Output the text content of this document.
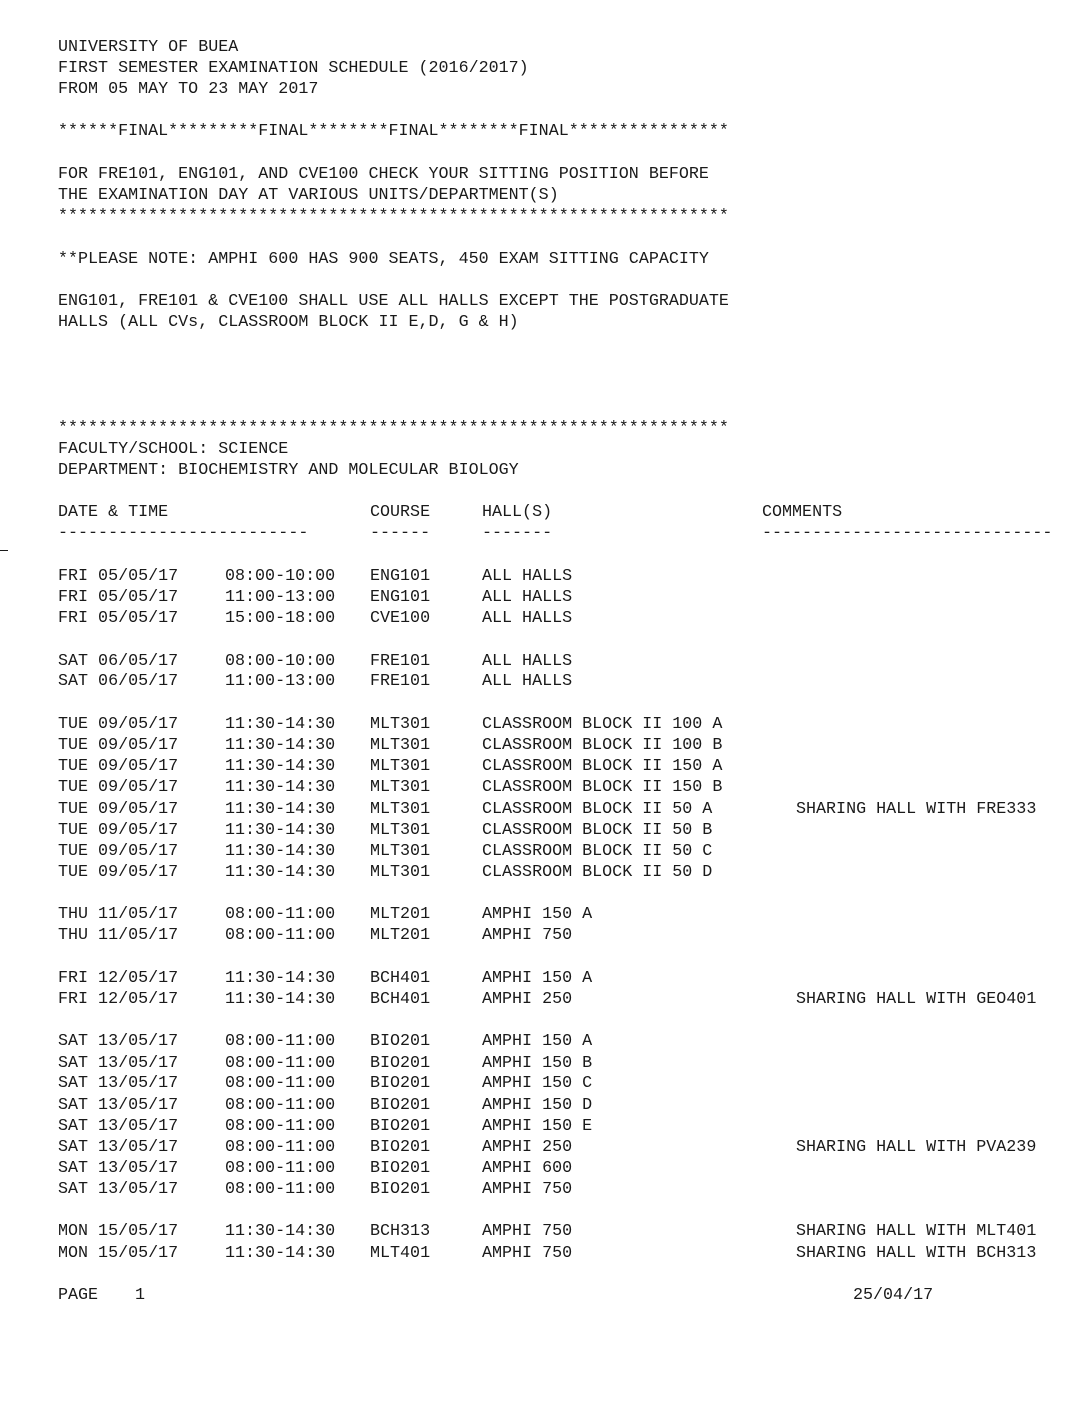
UNIVERSITY OF BUEA
FIRST SEMESTER EXAMINATION SCHEDULE (2016/2017)
FROM 05 MAY TO 23 MAY 2017
******FINAL*********FINAL********FINAL********FINAL****************
FOR FRE101, ENG101, AND CVE100 CHECK YOUR SITTING POSITION BEFORE
THE EXAMINATION DAY AT VARIOUS UNITS/DEPARTMENT(S)
*******************************************************************
**PLEASE NOTE: AMPHI 600 HAS 900 SEATS, 450 EXAM SITTING CAPACITY
ENG101, FRE101 & CVE100 SHALL USE ALL HALLS EXCEPT THE POSTGRADUATE
HALLS (ALL CVs, CLASSROOM BLOCK II E,D, G & H)
*******************************************************************
FACULTY/SCHOOL: SCIENCE
DEPARTMENT: BIOCHEMISTRY AND MOLECULAR BIOLOGY
DATE & TIME	COURSE	HALL(S)	COMMENTS
-------------------------	------	-------	-----------------------------
FRI 05/05/17	08:00-10:00 ENG101	ALL HALLS
FRI 05/05/17	11:00-13:00 ENG101	ALL HALLS
FRI 05/05/17	15:00-18:00 CVE100	ALL HALLS
SAT 06/05/17	08:00-10:00 FRE101	ALL HALLS
SAT 06/05/17	11:00-13:00 FRE101	ALL HALLS
TUE 09/05/17	11:30-14:30 MLT301	CLASSROOM BLOCK II 100 A
TUE 09/05/17	11:30-14:30 MLT301	CLASSROOM BLOCK II 100 B
TUE 09/05/17	11:30-14:30 MLT301	CLASSROOM BLOCK II 150 A
TUE 09/05/17	11:30-14:30 MLT301	CLASSROOM BLOCK II 150 B
TUE 09/05/17	11:30-14:30 MLT301	CLASSROOM BLOCK II 50 A	SHARING HALL WITH FRE333
TUE 09/05/17	11:30-14:30 MLT301	CLASSROOM BLOCK II 50 B
TUE 09/05/17	11:30-14:30 MLT301	CLASSROOM BLOCK II 50 C
TUE 09/05/17	11:30-14:30 MLT301	CLASSROOM BLOCK II 50 D
THU 11/05/17	08:00-11:00 MLT201	AMPHI 150 A
THU 11/05/17	08:00-11:00 MLT201	AMPHI 750
FRI 12/05/17	11:30-14:30 BCH401	AMPHI 150 A
FRI 12/05/17	11:30-14:30 BCH401	AMPHI 250	SHARING HALL WITH GEO401
SAT 13/05/17	08:00-11:00 BIO201	AMPHI 150 A
SAT 13/05/17	08:00-11:00 BIO201	AMPHI 150 B
SAT 13/05/17	08:00-11:00 BIO201	AMPHI 150 C
SAT 13/05/17	08:00-11:00 BIO201	AMPHI 150 D
SAT 13/05/17	08:00-11:00 BIO201	AMPHI 150 E
SAT 13/05/17	08:00-11:00 BIO201	AMPHI 250	SHARING HALL WITH PVA239
SAT 13/05/17	08:00-11:00 BIO201	AMPHI 600
SAT 13/05/17	08:00-11:00 BIO201	AMPHI 750
MON 15/05/17	11:30-14:30 BCH313	AMPHI 750	SHARING HALL WITH MLT401
MON 15/05/17	11:30-14:30 MLT401	AMPHI 750	SHARING HALL WITH BCH313
PAGE 1	25/04/17
